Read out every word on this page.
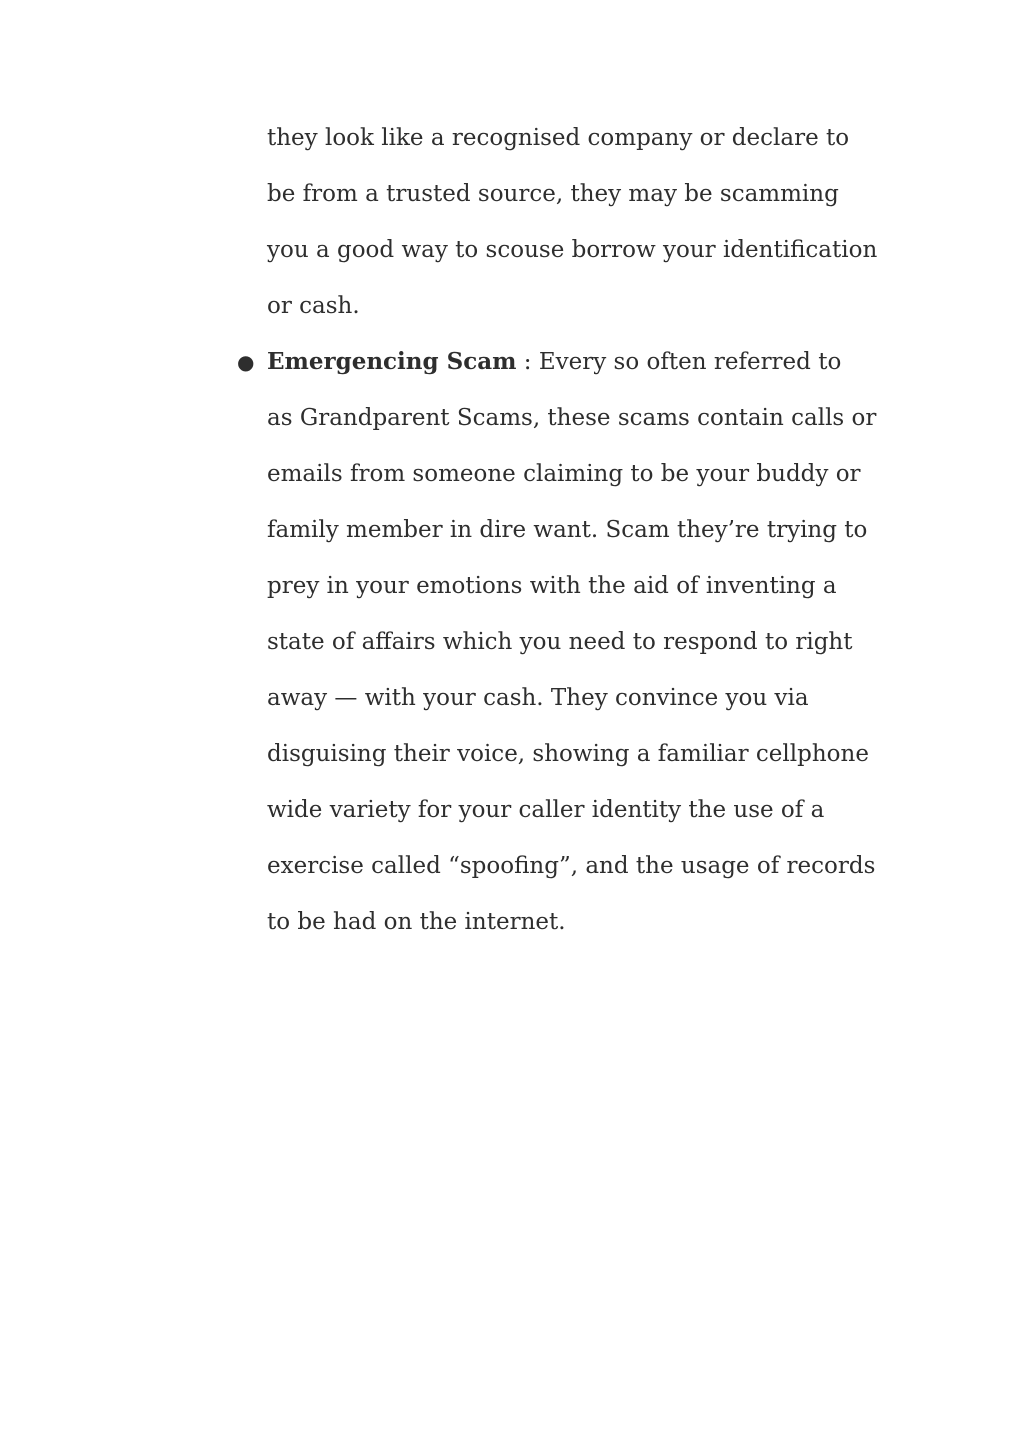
they look like a recognised company or declare to
be from a trusted source, they may be scamming
you a good way to scouse borrow your identification
or cash.
● Emergencing Scam : Every so often referred to
as Grandparent Scams, these scams contain calls or
emails from someone claiming to be your buddy or
family member in dire want. Scam they’re trying to
prey in your emotions with the aid of inventing a
state of affairs which you need to respond to right
away — with your cash. They convince you via
disguising their voice, showing a familiar cellphone
wide variety for your caller identity the use of a
exercise called “spoofing”, and the usage of records
to be had on the internet.
